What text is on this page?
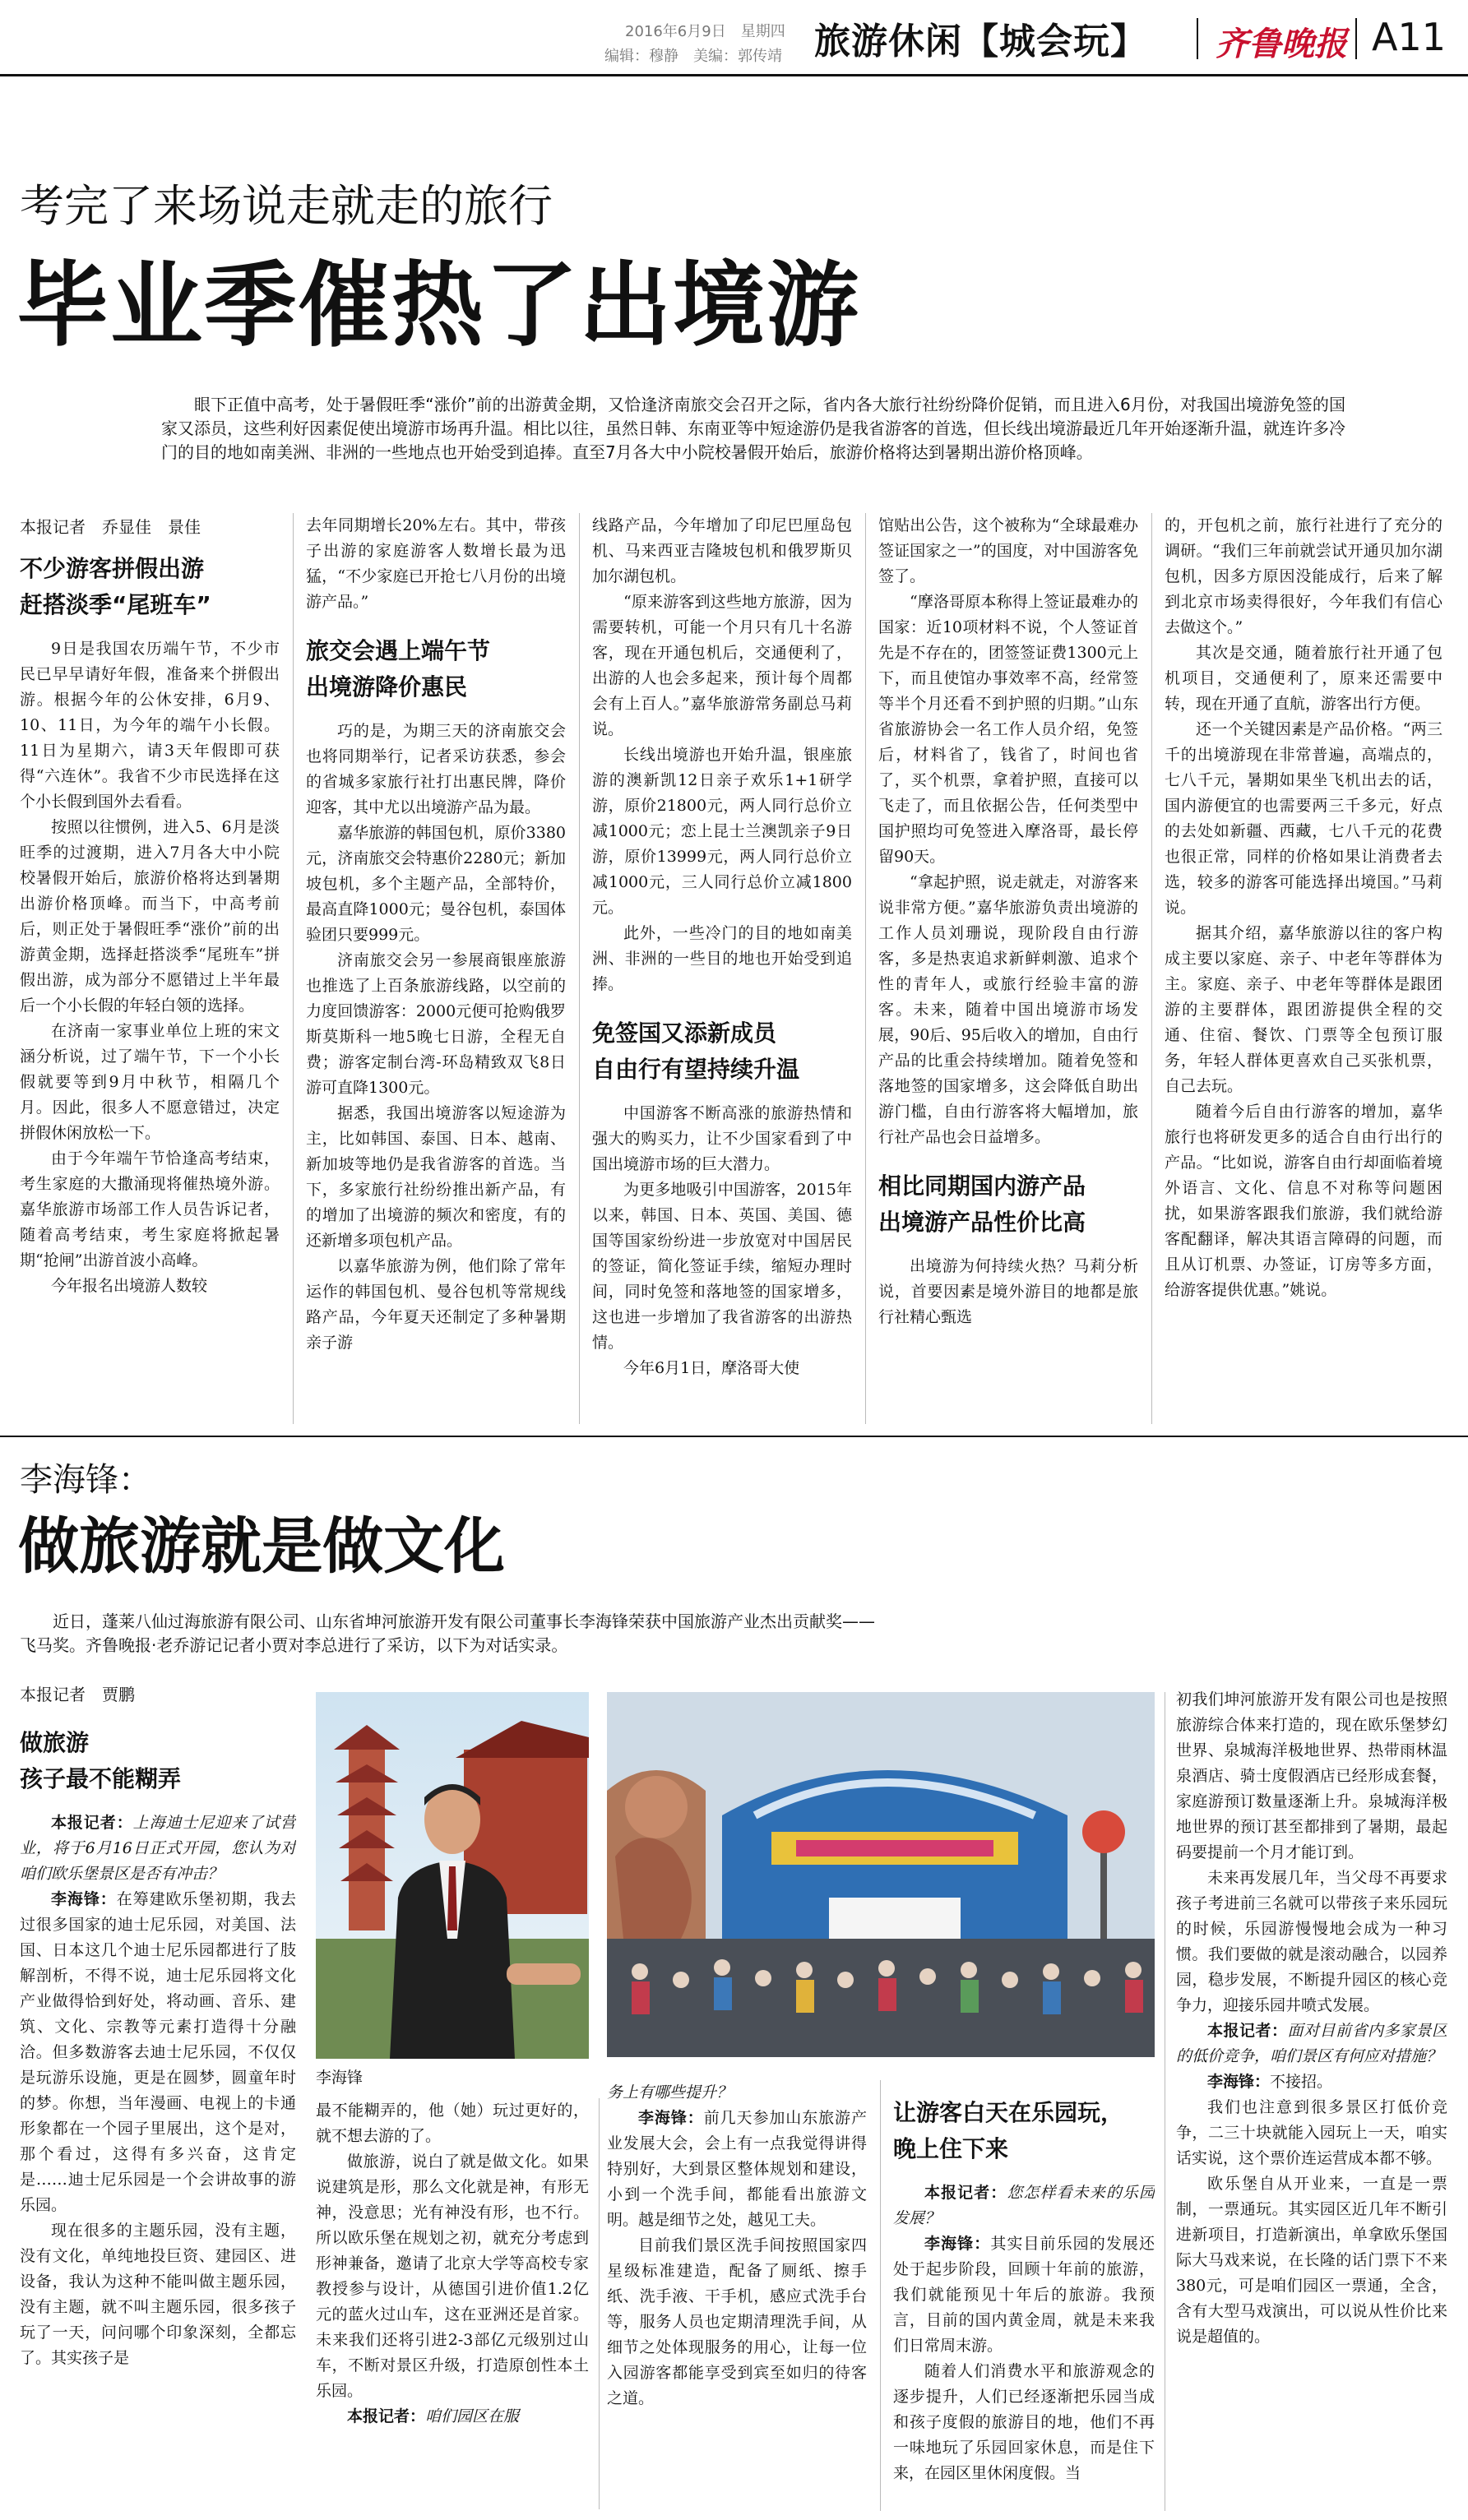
2016年6月9日　星期四
编辑：穆静　美编：郭传靖 旅游休闲【城会玩】 齐鲁晚报 A11
考完了来场说走就走的旅行
毕业季催热了出境游
眼下正值中高考，处于暑假旺季“涨价”前的出游黄金期，又恰逢济南旅交会召开之际，省内各大旅行社纷纷降价促销，而且进入6月份，对我国出境游免签的国家又添员，这些利好因素促使出境游市场再升温。相比以往，虽然日韩、东南亚等中短途游仍是我省游客的首选，但长线出境游最近几年开始逐渐升温，就连许多冷门的目的地如南美洲、非洲的一些地点也开始受到追捧。直至7月各大中小院校暑假开始后，旅游价格将达到暑期出游价格顶峰。
本报记者　乔显佳　景佳
不少游客拼假出游
赶搭淡季“尾班车”

9日是我国农历端午节，不少市民已早早请好年假，准备来个拼假出游。根据今年的公休安排，6月9、10、11日，为今年的端午小长假。11日为星期六，请3天年假即可获得“六连休”。我省不少市民选择在这个小长假到国外去看看。

按照以往惯例，进入5、6月是淡旺季的过渡期，进入7月各大中小院校暑假开始后，旅游价格将达到暑期出游价格顶峰。而当下，中高考前后，则正处于暑假旺季“涨价”前的出游黄金期，选择赶搭淡季“尾班车”拼假出游，成为部分不愿错过上半年最后一个小长假的年轻白领的选择。

在济南一家事业单位上班的宋文涵分析说，过了端午节，下一个小长假就要等到9月中秋节，相隔几个月。因此，很多人不愿意错过，决定拼假休闲放松一下。

由于今年端午节恰逢高考结束，考生家庭的大撒涌现将催热境外游。嘉华旅游市场部工作人员告诉记者，随着高考结束，考生家庭将掀起暑期“抢闸”出游首波小高峰。

今年报名出境游人数较

去年同期增长20%左右。其中，带孩子出游的家庭游客人数增长最为迅猛，“不少家庭已开抢七八月份的出境游产品。”

旅交会遇上端午节
出境游降价惠民

巧的是，为期三天的济南旅交会也将同期举行，记者采访获悉，参会的省城多家旅行社打出惠民牌，降价迎客，其中尤以出境游产品为最。

嘉华旅游的韩国包机，原价3380元，济南旅交会特惠价2280元；新加坡包机，多个主题产品，全部特价，最高直降1000元；曼谷包机，泰国体验团只要999元。

济南旅交会另一参展商银座旅游也推选了上百条旅游线路，以空前的力度回馈游客：2000元便可抢购俄罗斯莫斯科一地5晚七日游，全程无自费；游客定制台湾-环岛精致双飞8日游可直降1300元。

据悉，我国出境游客以短途游为主，比如韩国、泰国、日本、越南、新加坡等地仍是我省游客的首选。当下，多家旅行社纷纷推出新产品，有的增加了出境游的频次和密度，有的还新增多项包机产品。

以嘉华旅游为例，他们除了常年运作的韩国包机、曼谷包机等常规线路产品，今年夏天还制定了多种暑期亲子游

线路产品，今年增加了印尼巴厘岛包机、马来西亚吉隆坡包机和俄罗斯贝加尔湖包机。

“原来游客到这些地方旅游，因为需要转机，可能一个月只有几十名游客，现在开通包机后，交通便利了，出游的人也会多起来，预计每个周都会有上百人。”嘉华旅游常务副总马莉说。

长线出境游也开始升温，银座旅游的澳新凯12日亲子欢乐1+1研学游，原价21800元，两人同行总价立减1000元；恋上昆士兰澳凯亲子9日游，原价13999元，两人同行总价立减1000元，三人同行总价立减1800元。

此外，一些冷门的目的地如南美洲、非洲的一些目的地也开始受到追捧。

免签国又添新成员
自由行有望持续升温

中国游客不断高涨的旅游热情和强大的购买力，让不少国家看到了中国出境游市场的巨大潜力。

为更多地吸引中国游客，2015年以来，韩国、日本、英国、美国、德国等国家纷纷进一步放宽对中国居民的签证，简化签证手续，缩短办理时间，同时免签和落地签的国家增多，这也进一步增加了我省游客的出游热情。

今年6月1日，摩洛哥大使

馆贴出公告，这个被称为“全球最难办签证国家之一”的国度，对中国游客免签了。

“摩洛哥原本称得上签证最难办的国家：近10项材料不说，个人签证首先是不存在的，团签签证费1300元上下，而且使馆办事效率不高，经常签等半个月还看不到护照的归期。”山东省旅游协会一名工作人员介绍，免签后，材料省了，钱省了，时间也省了，买个机票，拿着护照，直接可以飞走了，而且依据公告，任何类型中国护照均可免签进入摩洛哥，最长停留90天。

“拿起护照，说走就走，对游客来说非常方便。”嘉华旅游负责出境游的工作人员刘珊说，现阶段自由行游客，多是热衷追求新鲜刺激、追求个性的青年人，或旅行经验丰富的游客。未来，随着中国出境游市场发展，90后、95后收入的增加，自由行产品的比重会持续增加。随着免签和落地签的国家增多，这会降低自助出游门槛，自由行游客将大幅增加，旅行社产品也会日益增多。

相比同期国内游产品
出境游产品性价比高

出境游为何持续火热？马莉分析说，首要因素是境外游目的地都是旅行社精心甄选

的，开包机之前，旅行社进行了充分的调研。“我们三年前就尝试开通贝加尔湖包机，因多方原因没能成行，后来了解到北京市场卖得很好，今年我们有信心去做这个。”

其次是交通，随着旅行社开通了包机项目，交通便利了，原来还需要中转，现在开通了直航，游客出行方便。

还一个关键因素是产品价格。“两三千的出境游现在非常普遍，高端点的，七八千元，暑期如果坐飞机出去的话，国内游便宜的也需要两三千多元，好点的去处如新疆、西藏，七八千元的花费也很正常，同样的价格如果让消费者去选，较多的游客可能选择出境国。”马莉说。

据其介绍，嘉华旅游以往的客户构成主要以家庭、亲子、中老年等群体为主。家庭、亲子、中老年等群体是跟团游的主要群体，跟团游提供全程的交通、住宿、餐饮、门票等全包预订服务，年轻人群体更喜欢自己买张机票，自己去玩。

随着今后自由行游客的增加，嘉华旅行也将研发更多的适合自由行出行的产品。“比如说，游客自由行却面临着境外语言、文化、信息不对称等问题困扰，如果游客跟我们旅游，我们就给游客配翻译，解决其语言障碍的问题，而且从订机票、办签证，订房等多方面，给游客提供优惠。”姚说。

李海锋：
做旅游就是做文化
近日，蓬莱八仙过海旅游有限公司、山东省坤河旅游开发有限公司董事长李海锋荣获中国旅游产业杰出贡献奖——飞马奖。齐鲁晚报·老乔游记记者小贾对李总进行了采访，以下为对话实录。
本报记者　贾鹏
做旅游
孩子最不能糊弄

本报记者：上海迪士尼迎来了试营业，将于6月16日正式开园，您认为对咱们欧乐堡景区是否有冲击？

李海锋：在筹建欧乐堡初期，我去过很多国家的迪士尼乐园，对美国、法国、日本这几个迪士尼乐园都进行了肢解剖析，不得不说，迪士尼乐园将文化产业做得恰到好处，将动画、音乐、建筑、文化、宗教等元素打造得十分融洽。但多数游客去迪士尼乐园，不仅仅是玩游乐设施，更是在圆梦，圆童年时的梦。你想，当年漫画、电视上的卡通形象都在一个园子里展出，这个是对，那个看过，这得有多兴奋，这肯定是……迪士尼乐园是一个会讲故事的游乐园。

现在很多的主题乐园，没有主题，没有文化，单纯地投巨资、建园区、进设备，我认为这种不能叫做主题乐园，没有主题，就不叫主题乐园，很多孩子玩了一天，问问哪个印象深刻，全都忘了。其实孩子是

李海锋

最不能糊弄的，他（她）玩过更好的，就不想去游的了。

做旅游，说白了就是做文化。如果说建筑是形，那么文化就是神，有形无神，没意思；光有神没有形，也不行。所以欧乐堡在规划之初，就充分考虑到形神兼备，邀请了北京大学等高校专家教授参与设计，从德国引进价值1.2亿元的蓝火过山车，这在亚洲还是首家。未来我们还将引进2-3部亿元级别过山车，不断对景区升级，打造原创性本土乐园。

本报记者：咱们园区在服

务上有哪些提升？

李海锋：前几天参加山东旅游产业发展大会，会上有一点我觉得讲得特别好，大到景区整体规划和建设，小到一个洗手间，都能看出旅游文明。越是细节之处，越见工夫。

目前我们景区洗手间按照国家四星级标准建造，配备了厕纸、擦手纸、洗手液、干手机，感应式洗手台等，服务人员也定期清理洗手间，从细节之处体现服务的用心，让每一位入园游客都能享受到宾至如归的待客之道。

让游客白天在乐园玩，
晚上住下来

本报记者：您怎样看未来的乐园发展？

李海锋：其实目前乐园的发展还处于起步阶段，回顾十年前的旅游，我们就能预见十年后的旅游。我预言，目前的国内黄金周，就是未来我们日常周末游。

随着人们消费水平和旅游观念的逐步提升，人们已经逐渐把乐园当成和孩子度假的旅游目的地，他们不再一味地玩了乐园回家休息，而是住下来，在园区里休闲度假。当

初我们坤河旅游开发有限公司也是按照旅游综合体来打造的，现在欧乐堡梦幻世界、泉城海洋极地世界、热带雨林温泉酒店、骑士度假酒店已经形成套餐，家庭游预订数量逐渐上升。泉城海洋极地世界的预订甚至都排到了暑期，最起码要提前一个月才能订到。

未来再发展几年，当父母不再要求孩子考进前三名就可以带孩子来乐园玩的时候，乐园游慢慢地会成为一种习惯。我们要做的就是滚动融合，以园养园，稳步发展，不断提升园区的核心竞争力，迎接乐园井喷式发展。

本报记者：面对目前省内多家景区的低价竞争，咱们景区有何应对措施？

李海锋：不接招。

我们也注意到很多景区打低价竞争，二三十块就能入园玩上一天，咱实话实说，这个票价连运营成本都不够。

欧乐堡自从开业来，一直是一票制，一票通玩。其实园区近几年不断引进新项目，打造新演出，单拿欧乐堡国际大马戏来说，在长隆的话门票下不来380元，可是咱们园区一票通，全含，含有大型马戏演出，可以说从性价比来说是超值的。
